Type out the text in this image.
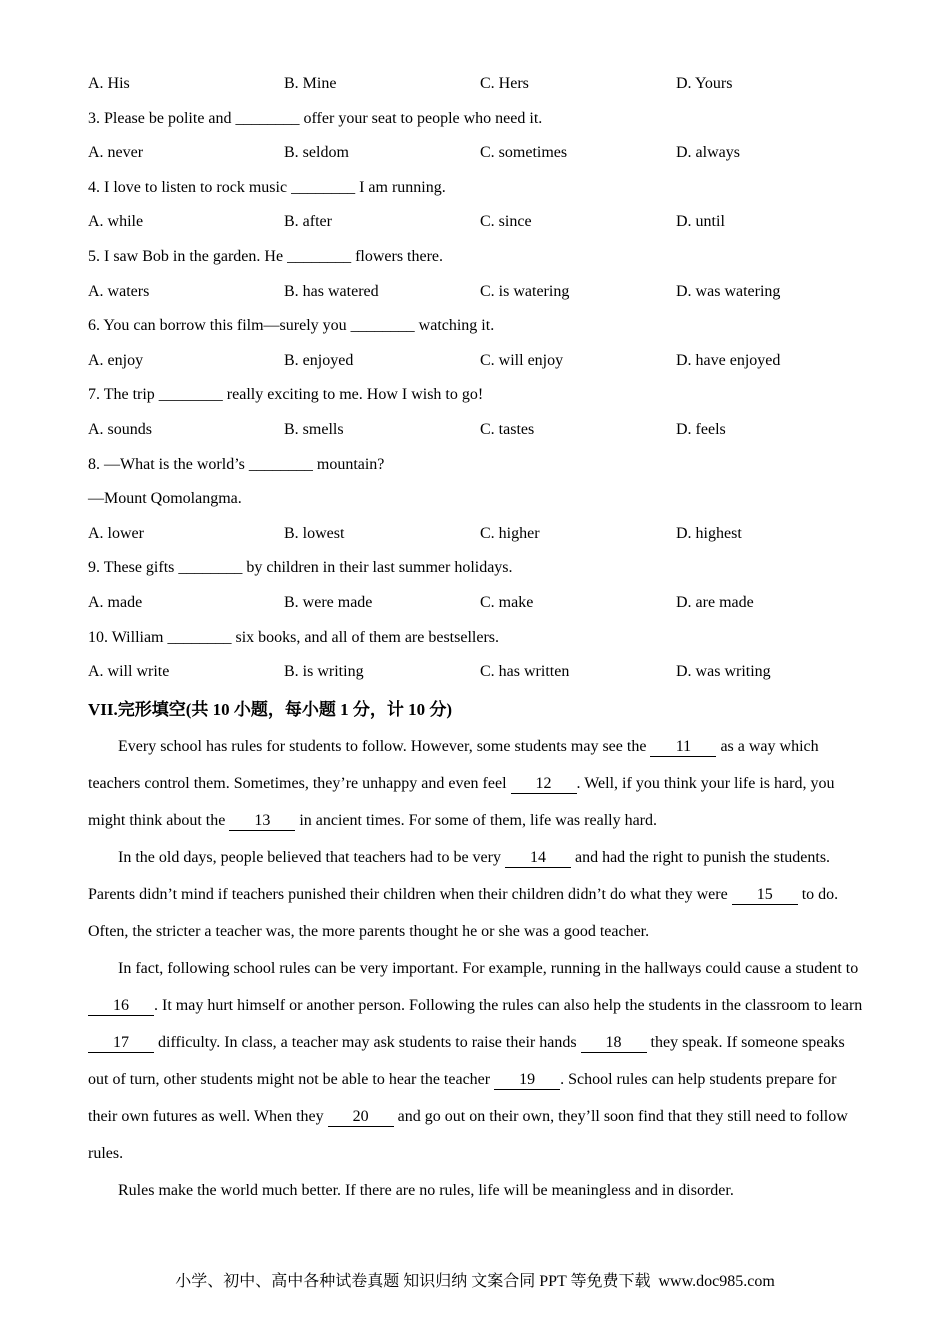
A. His	B. Mine	C. Hers	D. Yours
3. Please be polite and ________ offer your seat to people who need it.
A. never	B. seldom	C. sometimes	D. always
4. I love to listen to rock music ________ I am running.
A. while	B. after	C. since	D. until
5. I saw Bob in the garden. He ________ flowers there.
A. waters	B. has watered	C. is watering	D. was watering
6. You can borrow this film—surely you ________ watching it.
A. enjoy	B. enjoyed	C. will enjoy	D. have enjoyed
7. The trip ________ really exciting to me. How I wish to go!
A. sounds	B. smells	C. tastes	D. feels
8. —What is the world’s ________ mountain?
—Mount Qomolangma.
A. lower	B. lowest	C. higher	D. highest
9. These gifts ________ by children in their last summer holidays.
A. made	B. were made	C. make	D. are made
10. William ________ six books, and all of them are bestsellers.
A. will write	B. is writing	C. has written	D. was writing
VII.完形填空(共 10 小题，每小题 1 分，计 10 分)

Every school has rules for students to follow. However, some students may see the 11 as a way which teachers control them. Sometimes, they’re unhappy and even feel 12 . Well, if you think your life is hard, you might think about the 13 in ancient times. For some of them, life was really hard.

In the old days, people believed that teachers had to be very 14 and had the right to punish the students. Parents didn’t mind if teachers punished their children when their children didn’t do what they were 15 to do. Often, the stricter a teacher was, the more parents thought he or she was a good teacher.

In fact, following school rules can be very important. For example, running in the hallways could cause a student to 16 . It may hurt himself or another person. Following the rules can also help the students in the classroom to learn 17 difficulty. In class, a teacher may ask students to raise their hands 18 they speak. If someone speaks out of turn, other students might not be able to hear the teacher 19 . School rules can help students prepare for their own futures as well. When they 20 and go out on their own, they’ll soon find that they still need to follow rules.

Rules make the world much better. If there are no rules, life will be meaningless and in disorder.

小学、初中、高中各种试卷真题 知识归纳 文案合同 PPT 等免费下载  www.doc985.com
